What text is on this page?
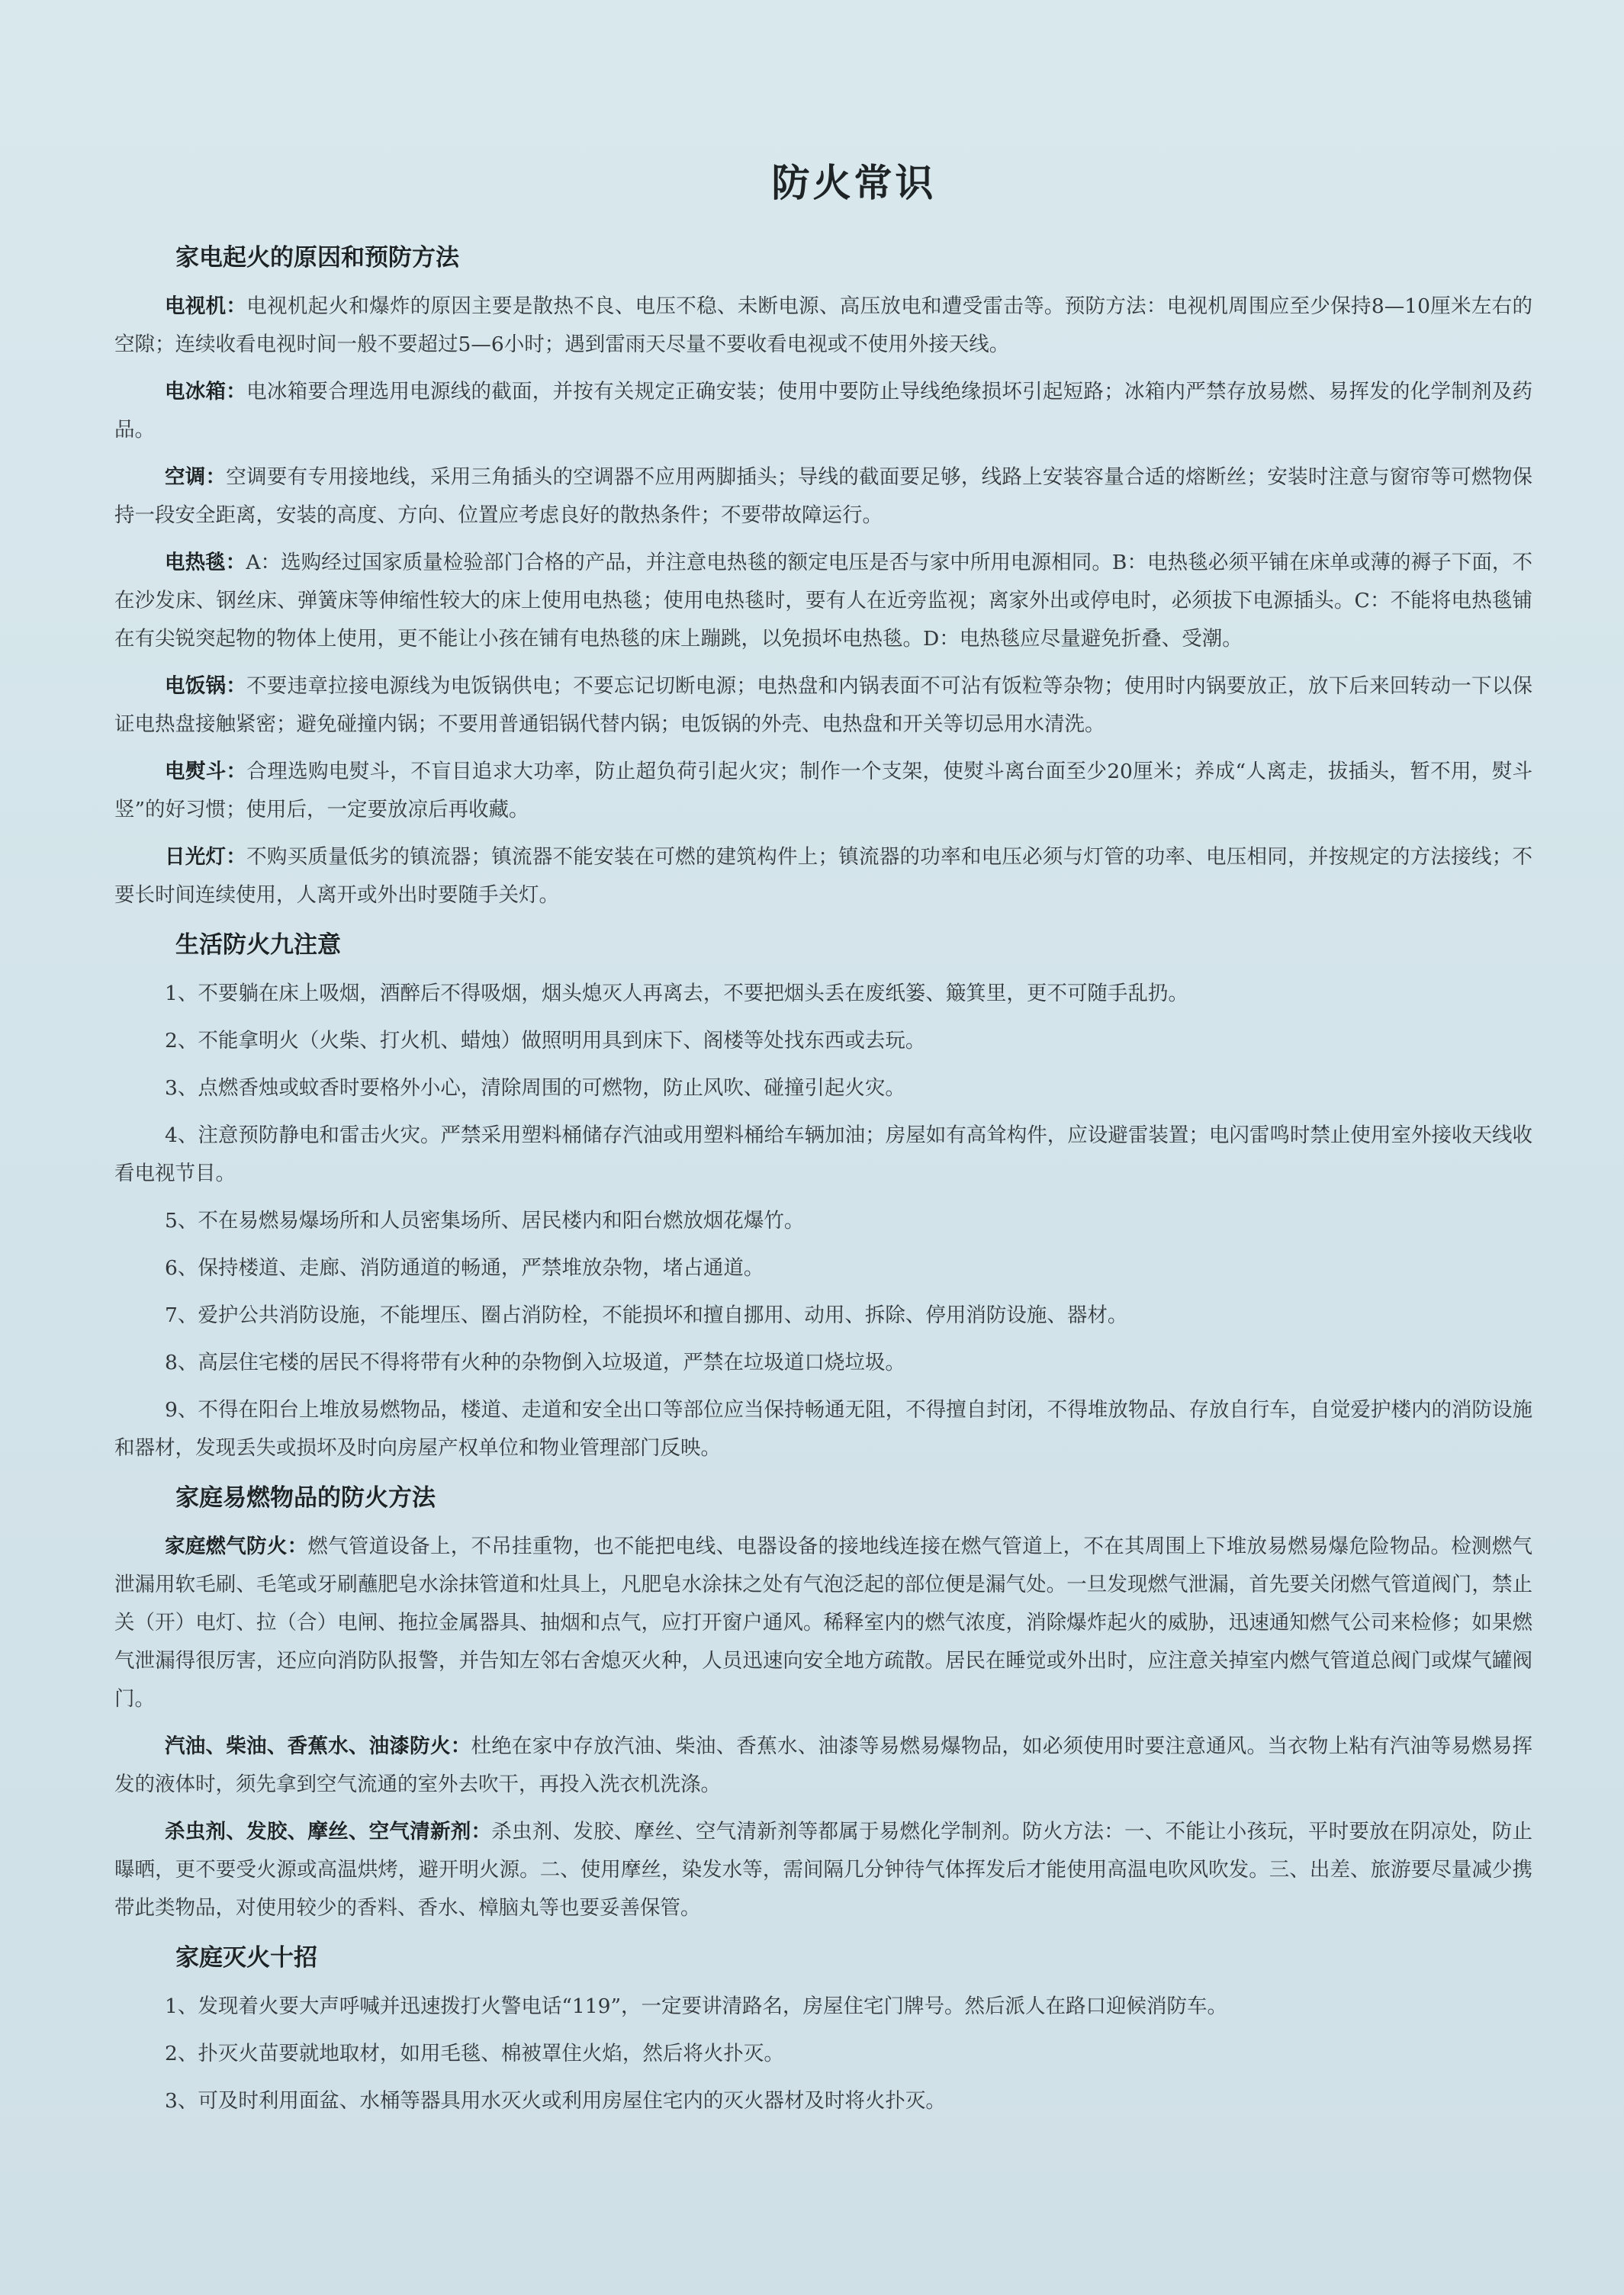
防火常识
家电起火的原因和预防方法

电视机：电视机起火和爆炸的原因主要是散热不良、电压不稳、未断电源、高压放电和遭受雷击等。预防方法：电视机周围应至少保持8—10厘米左右的空隙；连续收看电视时间一般不要超过5—6小时；遇到雷雨天尽量不要收看电视或不使用外接天线。

电冰箱：电冰箱要合理选用电源线的截面，并按有关规定正确安装；使用中要防止导线绝缘损坏引起短路；冰箱内严禁存放易燃、易挥发的化学制剂及药品。

空调：空调要有专用接地线，采用三角插头的空调器不应用两脚插头；导线的截面要足够，线路上安装容量合适的熔断丝；安装时注意与窗帘等可燃物保持一段安全距离，安装的高度、方向、位置应考虑良好的散热条件；不要带故障运行。

电热毯：A：选购经过国家质量检验部门合格的产品，并注意电热毯的额定电压是否与家中所用电源相同。B：电热毯必须平铺在床单或薄的褥子下面，不在沙发床、钢丝床、弹簧床等伸缩性较大的床上使用电热毯；使用电热毯时，要有人在近旁监视；离家外出或停电时，必须拔下电源插头。C：不能将电热毯铺在有尖锐突起物的物体上使用，更不能让小孩在铺有电热毯的床上蹦跳，以免损坏电热毯。D：电热毯应尽量避免折叠、受潮。

电饭锅：不要违章拉接电源线为电饭锅供电；不要忘记切断电源；电热盘和内锅表面不可沾有饭粒等杂物；使用时内锅要放正，放下后来回转动一下以保证电热盘接触紧密；避免碰撞内锅；不要用普通铝锅代替内锅；电饭锅的外壳、电热盘和开关等切忌用水清洗。

电熨斗：合理选购电熨斗，不盲目追求大功率，防止超负荷引起火灾；制作一个支架，使熨斗离台面至少20厘米；养成“人离走，拔插头，暂不用，熨斗竖”的好习惯；使用后，一定要放凉后再收藏。

日光灯：不购买质量低劣的镇流器；镇流器不能安装在可燃的建筑构件上；镇流器的功率和电压必须与灯管的功率、电压相同，并按规定的方法接线；不要长时间连续使用，人离开或外出时要随手关灯。

生活防火九注意

1、不要躺在床上吸烟，酒醉后不得吸烟，烟头熄灭人再离去，不要把烟头丢在废纸篓、簸箕里，更不可随手乱扔。

2、不能拿明火（火柴、打火机、蜡烛）做照明用具到床下、阁楼等处找东西或去玩。

3、点燃香烛或蚊香时要格外小心，清除周围的可燃物，防止风吹、碰撞引起火灾。

4、注意预防静电和雷击火灾。严禁采用塑料桶储存汽油或用塑料桶给车辆加油；房屋如有高耸构件，应设避雷装置；电闪雷鸣时禁止使用室外接收天线收看电视节目。

5、不在易燃易爆场所和人员密集场所、居民楼内和阳台燃放烟花爆竹。

6、保持楼道、走廊、消防通道的畅通，严禁堆放杂物，堵占通道。

7、爱护公共消防设施，不能埋压、圈占消防栓，不能损坏和擅自挪用、动用、拆除、停用消防设施、器材。

8、高层住宅楼的居民不得将带有火种的杂物倒入垃圾道，严禁在垃圾道口烧垃圾。

9、不得在阳台上堆放易燃物品，楼道、走道和安全出口等部位应当保持畅通无阻，不得擅自封闭，不得堆放物品、存放自行车，自觉爱护楼内的消防设施和器材，发现丢失或损坏及时向房屋产权单位和物业管理部门反映。

家庭易燃物品的防火方法

家庭燃气防火：燃气管道设备上，不吊挂重物，也不能把电线、电器设备的接地线连接在燃气管道上，不在其周围上下堆放易燃易爆危险物品。检测燃气泄漏用软毛刷、毛笔或牙刷蘸肥皂水涂抹管道和灶具上，凡肥皂水涂抹之处有气泡泛起的部位便是漏气处。一旦发现燃气泄漏，首先要关闭燃气管道阀门，禁止关（开）电灯、拉（合）电闸、拖拉金属器具、抽烟和点气，应打开窗户通风。稀释室内的燃气浓度，消除爆炸起火的威胁，迅速通知燃气公司来检修；如果燃气泄漏得很厉害，还应向消防队报警，并告知左邻右舍熄灭火种，人员迅速向安全地方疏散。居民在睡觉或外出时，应注意关掉室内燃气管道总阀门或煤气罐阀门。

汽油、柴油、香蕉水、油漆防火：杜绝在家中存放汽油、柴油、香蕉水、油漆等易燃易爆物品，如必须使用时要注意通风。当衣物上粘有汽油等易燃易挥发的液体时，须先拿到空气流通的室外去吹干，再投入洗衣机洗涤。

杀虫剂、发胶、摩丝、空气清新剂：杀虫剂、发胶、摩丝、空气清新剂等都属于易燃化学制剂。防火方法：一、不能让小孩玩，平时要放在阴凉处，防止曝晒，更不要受火源或高温烘烤，避开明火源。二、使用摩丝，染发水等，需间隔几分钟待气体挥发后才能使用高温电吹风吹发。三、出差、旅游要尽量减少携带此类物品，对使用较少的香料、香水、樟脑丸等也要妥善保管。

家庭灭火十招

1、发现着火要大声呼喊并迅速拨打火警电话“119”，一定要讲清路名，房屋住宅门牌号。然后派人在路口迎候消防车。

2、扑灭火苗要就地取材，如用毛毯、棉被罩住火焰，然后将火扑灭。

3、可及时利用面盆、水桶等器具用水灭火或利用房屋住宅内的灭火器材及时将火扑灭。
